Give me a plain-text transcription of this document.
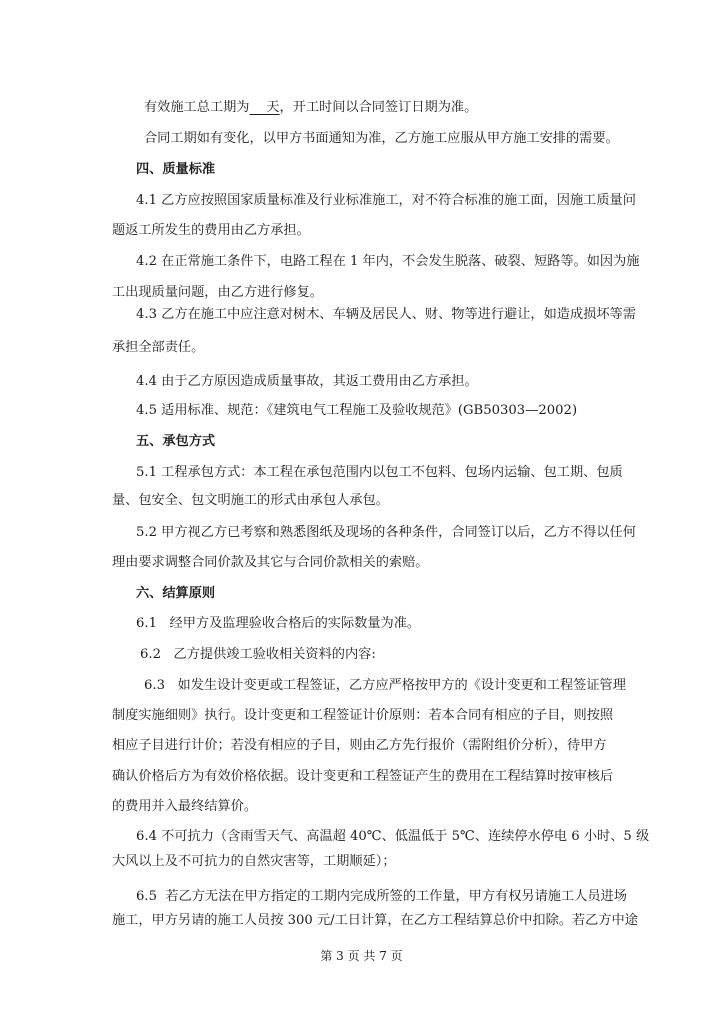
有效施工总工期为    天，开工时间以合同签订日期为准。
合同工期如有变化，以甲方书面通知为准，乙方施工应服从甲方施工安排的需要。
四、质量标准
4.1 乙方应按照国家质量标准及行业标准施工，对不符合标准的施工面，因施工质量问
题返工所发生的费用由乙方承担。
4.2 在正常施工条件下，电路工程在 1 年内，不会发生脱落、破裂、短路等。如因为施
工出现质量问题，由乙方进行修复。
4.3 乙方在施工中应注意对树木、车辆及居民人、财、物等进行避让，如造成损坏等需
承担全部责任。
4.4 由于乙方原因造成质量事故，其返工费用由乙方承担。
4.5 适用标准、规范：《建筑电气工程施工及验收规范》(GB50303—2002)
五、承包方式
5.1 工程承包方式：本工程在承包范围内以包工不包料、包场内运输、包工期、包质
量、包安全、包文明施工的形式由承包人承包。
5.2 甲方视乙方已考察和熟悉图纸及现场的各种条件，合同签订以后，乙方不得以任何
理由要求调整合同价款及其它与合同价款相关的索赔。
六、结算原则
6.1   经甲方及监理验收合格后的实际数量为准。
6.2   乙方提供竣工验收相关资料的内容:
6.3   如发生设计变更或工程签证，乙方应严格按甲方的《设计变更和工程签证管理
制度实施细则》执行。设计变更和工程签证计价原则：若本合同有相应的子目，则按照
相应子目进行计价；若没有相应的子目，则由乙方先行报价（需附组价分析），待甲方
确认价格后方为有效价格依据。设计变更和工程签证产生的费用在工程结算时按审核后
的费用并入最终结算价。
6.4 不可抗力（含雨雪天气、高温超 40℃、低温低于 5℃、连续停水停电 6 小时、5 级
大风以上及不可抗力的自然灾害等，工期顺延）；
6.5  若乙方无法在甲方指定的工期内完成所签的工作量，甲方有权另请施工人员进场
施工，甲方另请的施工人员按 300 元/工日计算，在乙方工程结算总价中扣除。若乙方中途
第 3 页 共 7 页
